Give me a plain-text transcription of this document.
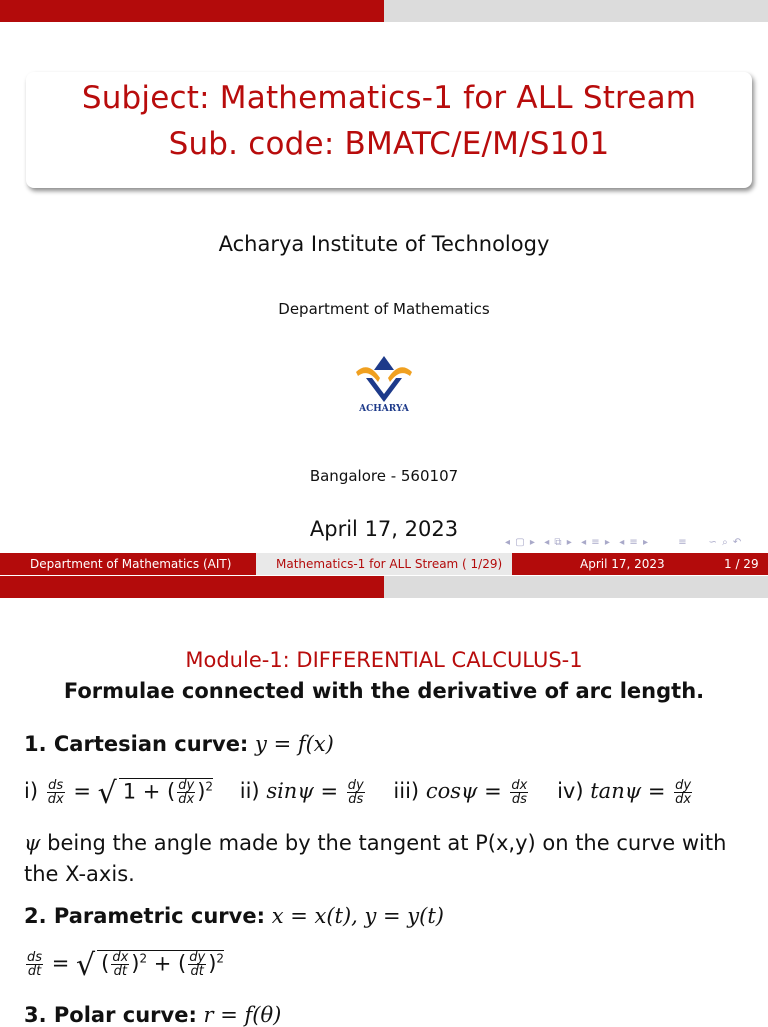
Subject: Mathematics-1 for ALL Stream
Sub. code: BMATC/E/M/S101
Acharya Institute of Technology
Department of Mathematics
ACHARYA
Bangalore - 560107
April 17, 2023
◂ ▢ ▸  ◂ ⧉ ▸  ◂ ≡ ▸  ◂ ≡ ▸       ≡     ∽ ⌕ ↶
Department of Mathematics (AIT)	Mathematics-1 for ALL Stream ( 1/29)	April 17, 2023	1 / 29
Module-1: DIFFERENTIAL CALCULUS-1
Formulae connected with the derivative of arc length.
1. Cartesian curve: y = f(x)
$i) \frac{ds}{dx}$ = √ 1 + ( $\frac{dy}{dx} )^2$ ii) $\sin\psi = \frac{dy}{ds} iii$) $\cos\psi = \frac{dx}{ds} iv$) $\tan\psi = \frac{dy}{dx}$
ψ being the angle made by the tangent at P(x,y) on the curve with
the X-axis.
2. Parametric curve: x = x(t), y = y(t)
$\frac{ds}{dt}$ = √ ( $\frac{dx}{dt} )^2$ + ( $\frac{dy}{dt} )^2$
3. Polar curve: r = f(θ)
